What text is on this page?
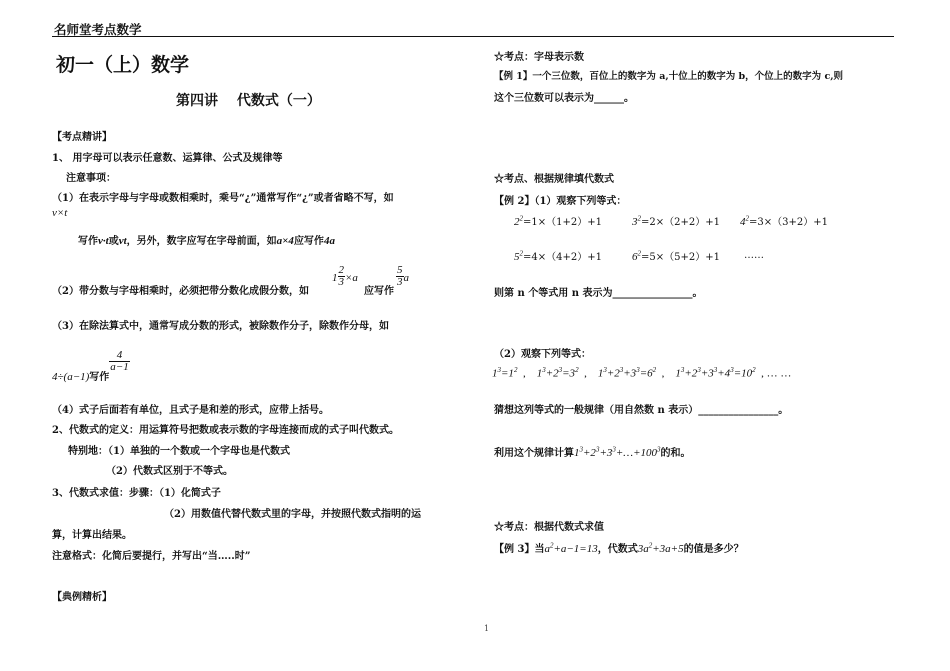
名师堂考点数学
初一（上）数学
第四讲　 代数式（一）
【考点精讲】
1、 用字母可以表示任意数、运算律、公式及规律等
注意事项：
（1）在表示字母与字母或数相乘时，乘号“¿”通常写作“¿”或者省略不写，如
v×t
写作v·t或vt，另外，数字应写在字母前面，如a×4应写作4a
（2）带分数与字母相乘时，必须把带分数化成假分数，如
$1 \frac{2}{3} \times a$
应写作
$\frac{5}{3}$ a
（3）在除法算式中，通常写成分数的形式，被除数作分子，除数作分母，如
$_{4\div(a-1)写作}$
$\frac{4}{a-1}$
（4）式子后面若有单位，且式子是和差的形式，应带上括号。
2、代数式的定义：用运算符号把数或表示数的字母连接而成的式子叫代数式。
特别地：（1）单独的一个数或一个字母也是代数式
（2）代数式区别于不等式。
3、代数式求值：步骤：（1）化简式子
（2）用数值代替代数式里的字母，并按照代数式指明的运
算，计算出结果。
注意格式：化简后要提行，并写出“当…..时”
【典例精析】
☆考点：字母表示数
【例 1】一个三位数，百位上的数字为 a,十位上的数字为 b，个位上的数字为 c,则
这个三位数可以表示为______。
☆考点、根据规律填代数式
【例 2】（1）观察下列等式：
$2^2=1\times(1+2)+1$	$3^2=2\times(2+2)+1$ $4^2=3\times(3+2)+1$
$5^2=4\times(4+2)+1$	$6^2=5\times(5+2)+1$ ……
则第 n 个等式用 n 表示为________________。
（2）观察下列等式：
$1^3=1^2$  ,    $1^3+2^3=3^2$  ,    $1^3+2^3+3^3=6^2$  ,    $1^3+2^3+3^3+4^3=10^2$  , … …
猜想这列等式的一般规律（用自然数 n 表示）________________。
利用这个规律计算$1^3+2^3+3^3+\dots+100^3$的和。
☆考点：根据代数式求值
【例 3】当$a^2+a-1=13$，代数式$3a^2+3a+5$的值是多少？
1
